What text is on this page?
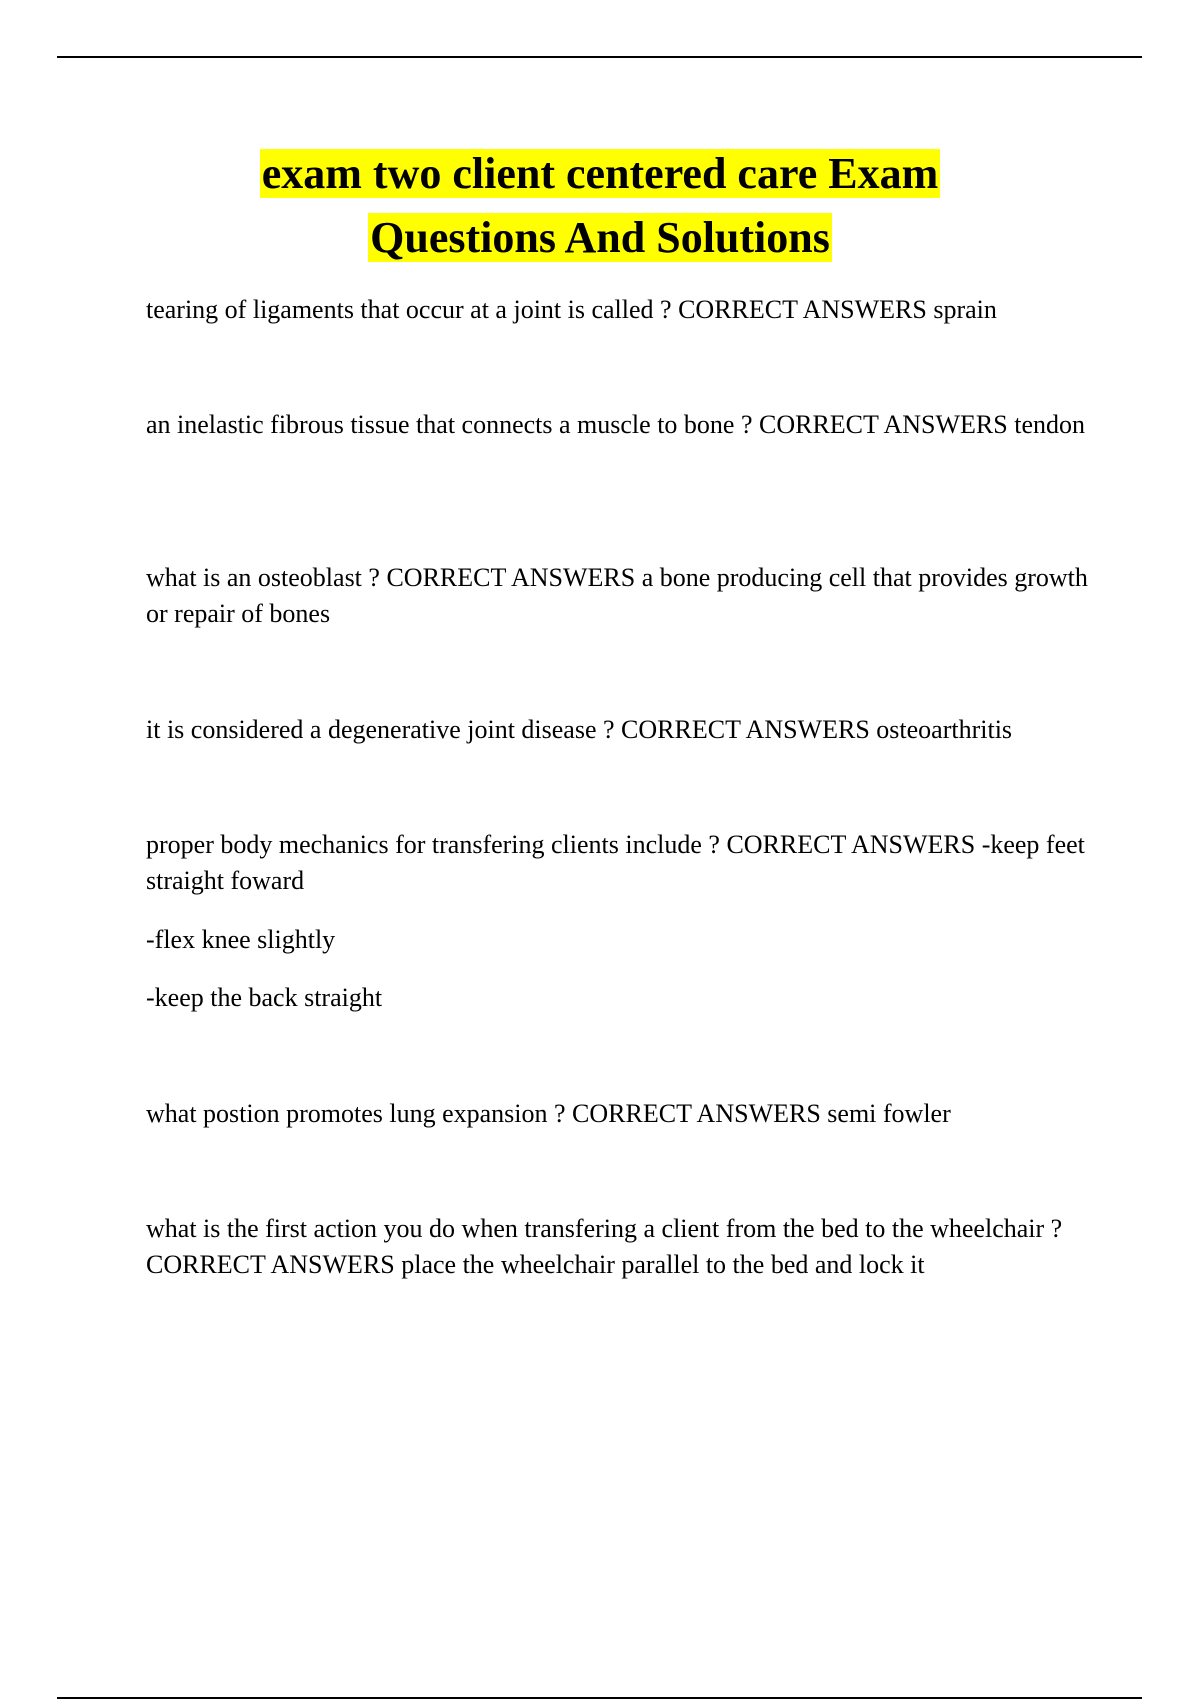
exam two client centered care Exam
Questions And Solutions

tearing of ligaments that occur at a joint is called ? CORRECT ANSWERS sprain

an inelastic fibrous tissue that connects a muscle to bone ? CORRECT ANSWERS tendon

what is an osteoblast ? CORRECT ANSWERS a bone producing cell that provides growth or repair of bones

it is considered a degenerative joint disease ? CORRECT ANSWERS osteoarthritis

proper body mechanics for transfering clients include ? CORRECT ANSWERS -keep feet straight foward

-flex knee slightly

-keep the back straight

what postion promotes lung expansion ? CORRECT ANSWERS semi fowler

what is the first action you do when transfering a client from the bed to the wheelchair ? CORRECT ANSWERS place the wheelchair parallel to the bed and lock it
